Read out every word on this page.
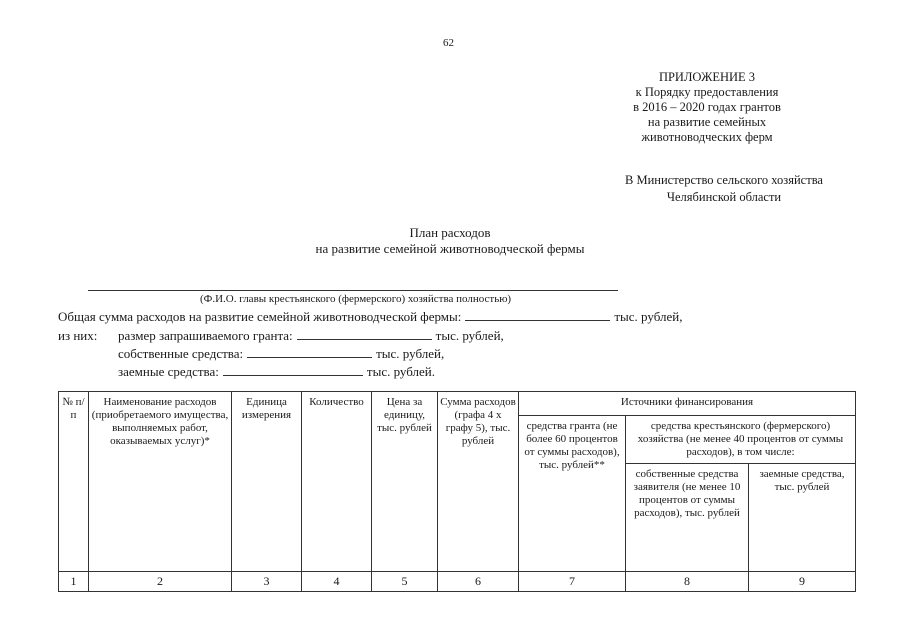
62
ПРИЛОЖЕНИЕ 3
к Порядку предоставления
в 2016 – 2020 годах грантов
на развитие семейных
животноводческих ферм
В Министерство сельского хозяйства
Челябинской области
План расходов
на развитие семейной животноводческой фермы
(Ф.И.О. главы крестьянского (фермерского) хозяйства полностью)
Общая сумма расходов на развитие семейной животноводческой фермы:	тыс. рублей,
из них: размер запрашиваемого гранта:	тыс. рублей,
собственные средства:	тыс. рублей,
заемные средства:	тыс. рублей.
№ п/п	Наименование расходов (приобретаемого имущества, выполняемых работ, оказываемых услуг)*	Единица измерения	Количество	Цена за единицу, тыс. рублей	Сумма расходов (графа 4 х графу 5), тыс. рублей	Источники финансирования		
						средства гранта (не более 60 процентов от суммы расходов), тыс. рублей**	средства крестьянского (фермерского) хозяйства (не менее 40 процентов от суммы расходов), в том числе:	
							собственные средства заявителя (не менее 10 процентов от суммы расходов), тыс. рублей	заемные средства, тыс. рублей
1	2	3	4	5	6	7	8	9
